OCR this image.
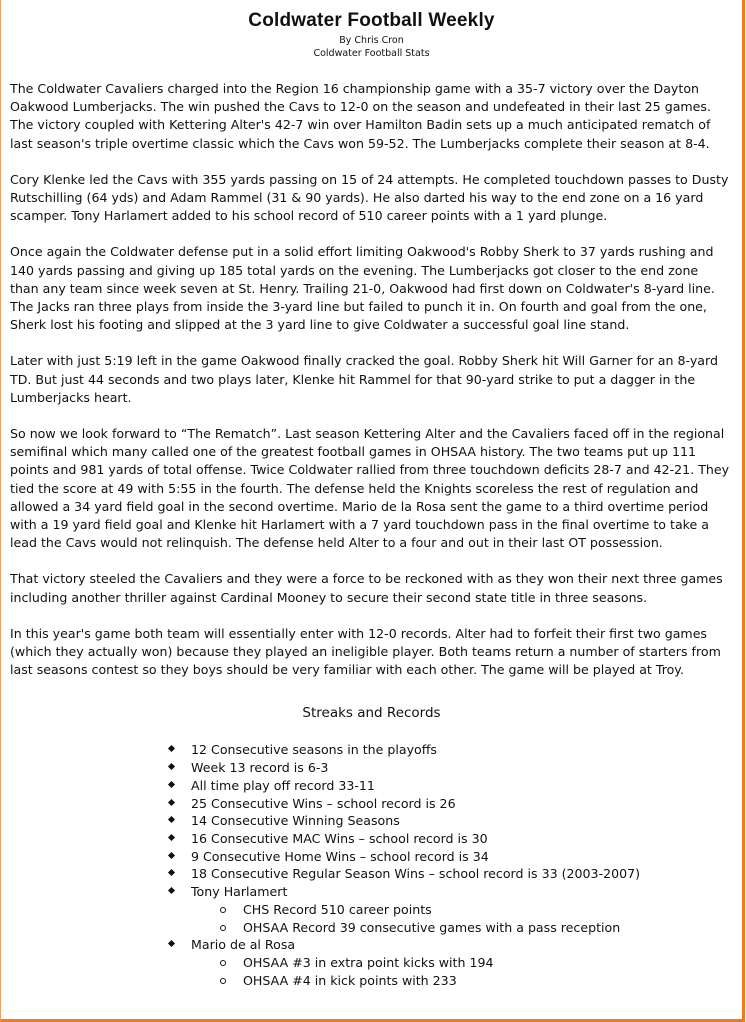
Coldwater Football Weekly
By Chris Cron
Coldwater Football Stats

The Coldwater Cavaliers charged into the Region 16 championship game with a 35-7 victory over the Dayton Oakwood Lumberjacks. The win pushed the Cavs to 12-0 on the season and undefeated in their last 25 games. The victory coupled with Kettering Alter's 42-7 win over Hamilton Badin sets up a much anticipated rematch of last season's triple overtime classic which the Cavs won 59-52. The Lumberjacks complete their season at 8-4.

Cory Klenke led the Cavs with 355 yards passing on 15 of 24 attempts. He completed touchdown passes to Dusty Rutschilling (64 yds) and Adam Rammel (31 & 90 yards). He also darted his way to the end zone on a 16 yard scamper. Tony Harlamert added to his school record of 510 career points with a 1 yard plunge.

Once again the Coldwater defense put in a solid effort limiting Oakwood's Robby Sherk to 37 yards rushing and 140 yards passing and giving up 185 total yards on the evening. The Lumberjacks got closer to the end zone than any team since week seven at St. Henry. Trailing 21-0, Oakwood had first down on Coldwater's 8-yard line. The Jacks ran three plays from inside the 3-yard line but failed to punch it in. On fourth and goal from the one, Sherk lost his footing and slipped at the 3 yard line to give Coldwater a successful goal line stand.

Later with just 5:19 left in the game Oakwood finally cracked the goal. Robby Sherk hit Will Garner for an 8-yard TD. But just 44 seconds and two plays later, Klenke hit Rammel for that 90-yard strike to put a dagger in the Lumberjacks heart.

So now we look forward to “The Rematch”. Last season Kettering Alter and the Cavaliers faced off in the regional semifinal which many called one of the greatest football games in OHSAA history. The two teams put up 111 points and 981 yards of total offense. Twice Coldwater rallied from three touchdown deficits 28-7 and 42-21. They tied the score at 49 with 5:55 in the fourth. The defense held the Knights scoreless the rest of regulation and allowed a 34 yard field goal in the second overtime. Mario de la Rosa sent the game to a third overtime period with a 19 yard field goal and Klenke hit Harlamert with a 7 yard touchdown pass in the final overtime to take a lead the Cavs would not relinquish. The defense held Alter to a four and out in their last OT possession.

That victory steeled the Cavaliers and they were a force to be reckoned with as they won their next three games including another thriller against Cardinal Mooney to secure their second state title in three seasons.

In this year's game both team will essentially enter with 12-0 records. Alter had to forfeit their first two games (which they actually won) because they played an ineligible player. Both teams return a number of starters from last seasons contest so they boys should be very familiar with each other. The game will be played at Troy.

Streaks and Records
12 Consecutive seasons in the playoffs
Week 13 record is 6-3
All time play off record 33-11
25 Consecutive Wins – school record is 26
14 Consecutive Winning Seasons
16 Consecutive MAC Wins – school record is 30
9 Consecutive Home Wins – school record is 34
18 Consecutive Regular Season Wins – school record is 33 (2003-2007)
Tony Harlamert
CHS Record 510 career points
OHSAA Record 39 consecutive games with a pass reception
Mario de al Rosa
OHSAA #3 in extra point kicks with 194
OHSAA #4 in kick points with 233
